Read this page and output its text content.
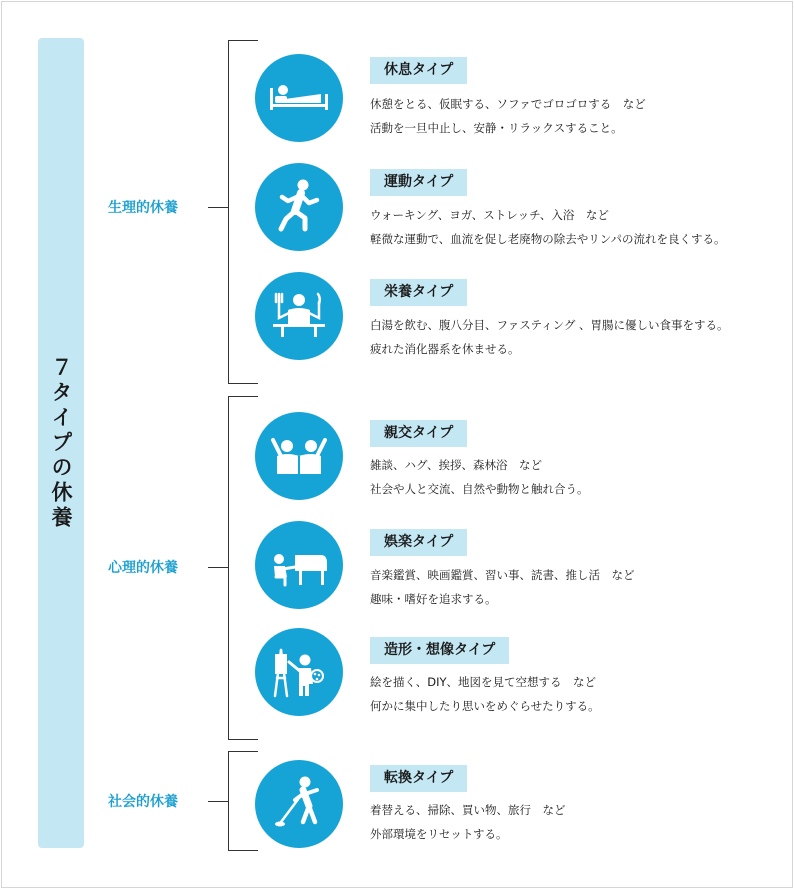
７タイプの休養
生理的休養
心理的休養
社会的休養
休息タイプ
休憩をとる、仮眠する、ソファでゴロゴロする　など
活動を一旦中止し、安静・リラックスすること。
運動タイプ
ウォーキング、ヨガ、ストレッチ、入浴　など
軽微な運動で、血流を促し老廃物の除去やリンパの流れを良くする。
栄養タイプ
白湯を飲む、腹八分目、ファスティング 、胃腸に優しい食事をする。
疲れた消化器系を休ませる。
親交タイプ
雑談、ハグ、挨拶、森林浴　など
社会や人と交流、自然や動物と触れ合う。
娯楽タイプ
音楽鑑賞、映画鑑賞、習い事、読書、推し活　など
趣味・嗜好を追求する。
造形・想像タイプ
絵を描く、DIY、地図を見て空想する　など
何かに集中したり思いをめぐらせたりする。
転換タイプ
着替える、掃除、買い物、旅行　など
外部環境をリセットする。
